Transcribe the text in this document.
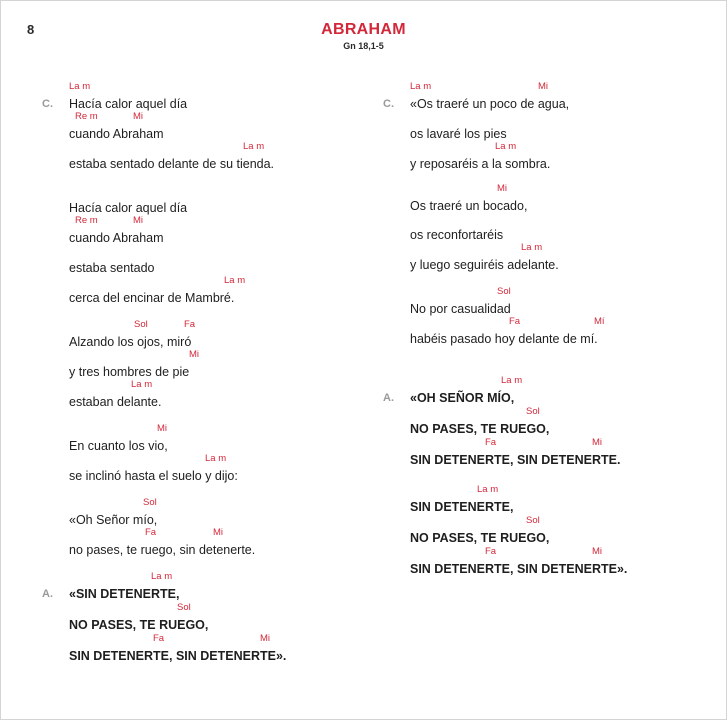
8	ABRAHAM
Gn 18,1-5
Hacía calor aquel día
C.
La m
cuando Abraham
Re m	Mi
estaba sentado delante de su tienda.
La m
Hacía calor aquel día
cuando Abraham
Re m	Mi
estaba sentado
cerca del encinar de Mambré.
La m
Alzando los ojos, miró
Sol	Fa
y tres hombres de pie
Mi
estaban delante.
La m
En cuanto los vio,
Mi
se inclinó hasta el suelo y dijo:
La m
«Oh Señor mío,
Sol
no pases, te ruego, sin detenerte.
Fa	Mi
«SIN DETENERTE,
A.
La m
NO PASES, TE RUEGO,
Sol
SIN DETENERTE, SIN DETENERTE».
Fa	Mi
«Os traeré un poco de agua,
C.
La m	Mi
os lavaré los pies
y reposaréis a la sombra.
La m
Os traeré un bocado,
Mi
os reconfortaréis
y luego seguiréis adelante.
La m
No por casualidad
Sol
habéis pasado hoy delante de mí.
Fa	Mí
«OH SEÑOR MÍO,
A.
La m
NO PASES, TE RUEGO,
Sol
SIN DETENERTE, SIN DETENERTE.
Fa	Mi
SIN DETENERTE,
La m
NO PASES, TE RUEGO,
Sol
SIN DETENERTE, SIN DETENERTE».
Fa	Mi
